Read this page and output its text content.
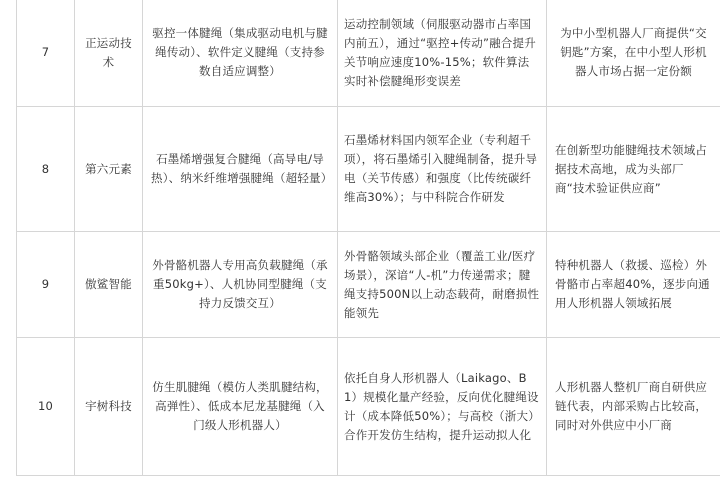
7	正运动技术	驱控一体腱绳（集成驱动电机与腱绳传动）、软件定义腱绳（支持参数自适应调整）	运动控制领域（伺服驱动器市占率国内前五），通过“驱控+传动”融合提升关节响应速度10%-15%；软件算法实时补偿腱绳形变误差	为中小型机器人厂商提供“交钥匙”方案，在中小型人形机器人市场占据一定份额
8	第六元素	石墨烯增强复合腱绳（高导电/导热）、纳米纤维增强腱绳（超轻量）	石墨烯材料国内领军企业（专利超千项），将石墨烯引入腱绳制备，提升导电（关节传感）和强度（比传统碳纤维高30%）；与中科院合作研发	在创新型功能腱绳技术领域占据技术高地，成为头部厂商“技术验证供应商”
9	傲鲨智能	外骨骼机器人专用高负载腱绳（承重50kg+）、人机协同型腱绳（支持力反馈交互）	外骨骼领域头部企业（覆盖工业/医疗场景），深谙“人-机”力传递需求；腱绳支持500N以上动态载荷，耐磨损性能领先	特种机器人（救援、巡检）外骨骼市占率超40%，逐步向通用人形机器人领域拓展
10	宇树科技	仿生肌腱绳（模仿人类肌腱结构，高弹性）、低成本尼龙基腱绳（入门级人形机器人）	依托自身人形机器人（Laikago、B1）规模化量产经验，反向优化腱绳设计（成本降低50%）；与高校（浙大）合作开发仿生结构，提升运动拟人化	人形机器人整机厂商自研供应链代表，内部采购占比较高，同时对外供应中小厂商
